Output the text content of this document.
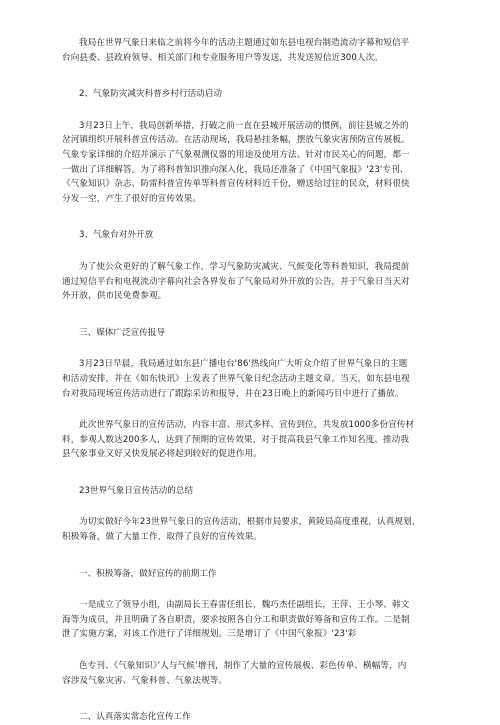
我局在世界气象日来临之前将今年的活动主题通过如东县电视台制造流动字幕和短信平
台向县委、县政府领导、相关部门和专业服务用户等发送，共发送短信近300人次。
2、气象防灾减灾科普乡村行活动启动
3月23日上午，我局创新举措，打破之前一直在县城开展活动的惯例，前往县城之外的
岔河镇组织开展科普宣传活动。在活动现场，我局悬挂条幅，摆放气象灾害预防宣传展板。
气象专家详细的介绍并演示了气象观测仪器的用途及使用方法。针对市民关心的问题，都一
一做出了详细解答。为了将科普知识推向深入化，我局还准备了《中国气象报》'23'专刊、
《气象知识》杂志、防雷科普宣传单等科普宣传材料近千份，赠送给过往的民众，材料很快
分发一空，产生了很好的宣传效果。
3、气象台对外开放
为了使公众更好的了解气象工作，学习气象防灾减灾、气候变化等科普知识，我局提前
通过短信平台和电视流动字幕向社会各界发布了气象局对外开放的公告，并于气象日当天对
外开放，供市民免费参观。
三、媒体广泛宣传报导
3月23日早晨，我局通过如东县广播电台'86'热线向广大听众介绍了世界气象日的主题
和活动安排，并在《如东快讯》上发表了世界气象日纪念活动主题文章。当天，如东县电视
台对我局现场宣传活动进行了跟踪采访和报导，并在23日晚上的新闻巧目中进行了播放。
此次世界气象日的宣传活动，内容丰富、形式多样、宣传到位，共发放1000多份宣传材
料，参观人数达200多人，达到了预期的宣传效果，对于提高我县气象工作知名度、推动我
县气象事业又好又快发展必将起到较好的促进作用。
23世界气象日宣传活动的总结
为切实做好今年23世界气象日的宣传活动，根据市局要求，黄陵局高度重视，认真规划，
积极筹备，做了大量工作，取得了良好的宣传效果。
一、积极筹备，做好宣传的前期工作
一是成立了领导小组，由副局长王春雷任组长，魏巧杰任副组长，王萍、王小琴、韩文
海等为成员，并且明确了各自职责，要求按照各自分工和职责做好筹备和宣传工作。二是制
泄了实施方案，对该工作进行了详细规划。三是增订了《中国气象报》'23'彩
色专刊、《气象知识》’人与气候’增刊，制作了大量的宣传展板、彩色传单、横幅等，内
容涉及气象灾害、气象科普、气象法规等。
二、认真落实常态化宣传工作
